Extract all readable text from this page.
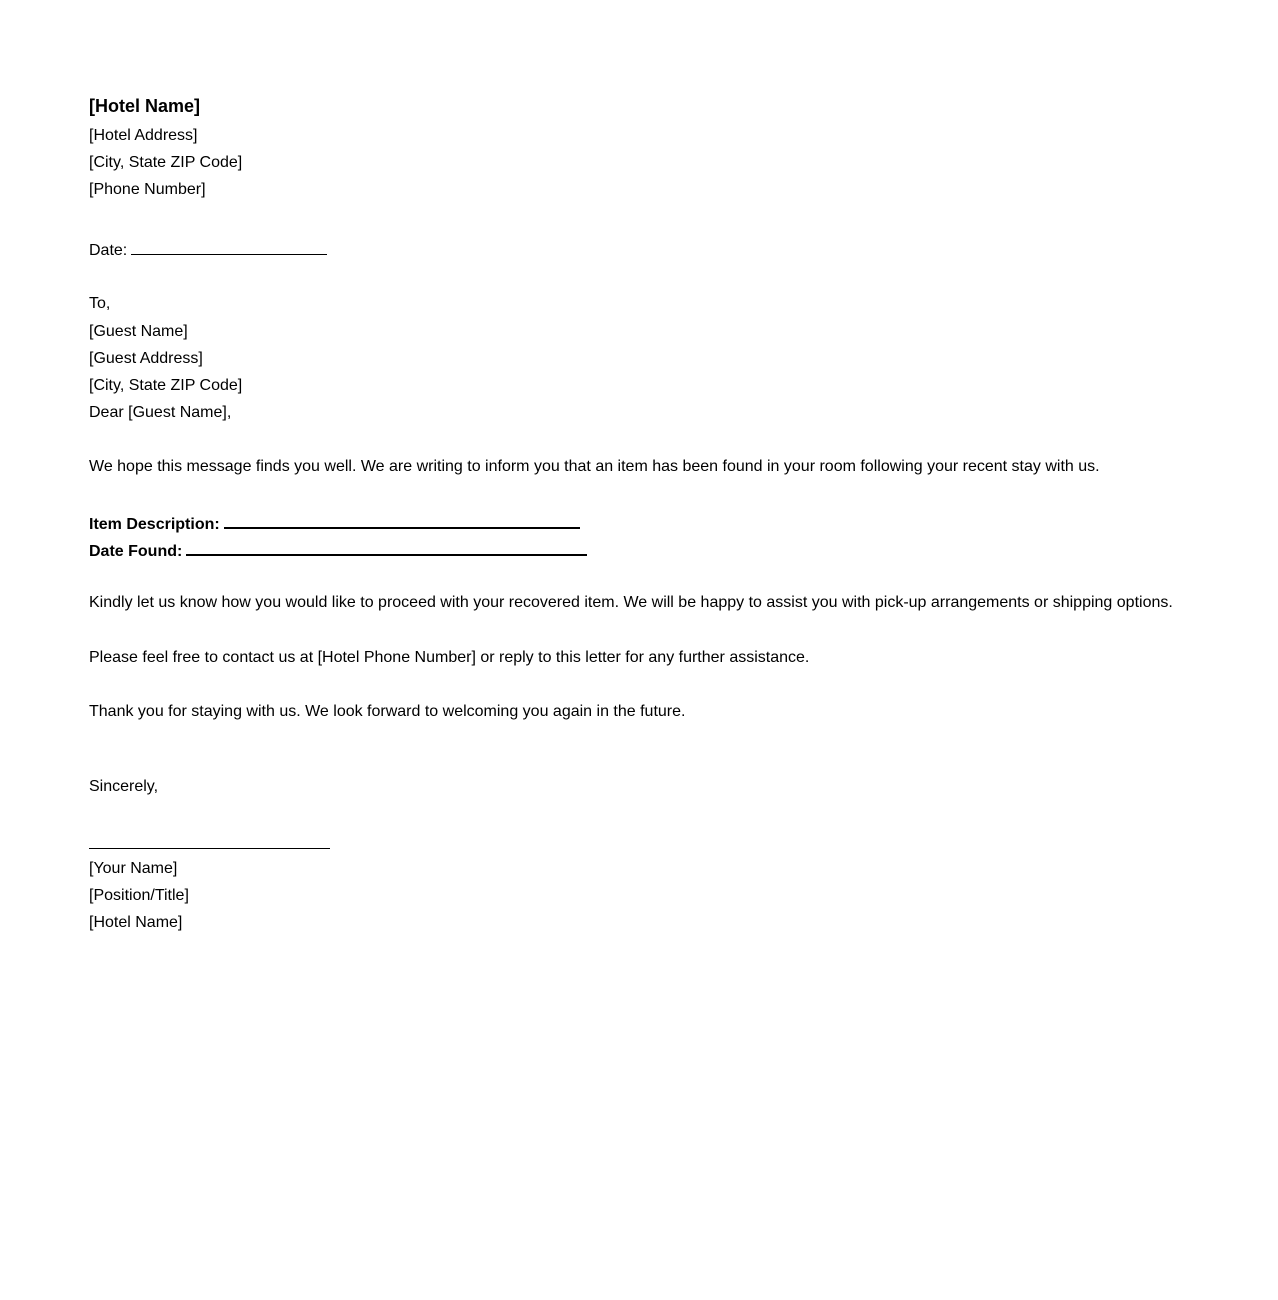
[Hotel Name]
[Hotel Address]
[City, State ZIP Code]
[Phone Number]
Date:
To,
[Guest Name]
[Guest Address]
[City, State ZIP Code]
Dear [Guest Name],
We hope this message finds you well. We are writing to inform you that an item has been found in your room following your recent stay with us.
Item Description:
Date Found:
Kindly let us know how you would like to proceed with your recovered item. We will be happy to assist you with pick-up arrangements or shipping options.
Please feel free to contact us at [Hotel Phone Number] or reply to this letter for any further assistance.
Thank you for staying with us. We look forward to welcoming you again in the future.
Sincerely,
[Your Name]
[Position/Title]
[Hotel Name]
